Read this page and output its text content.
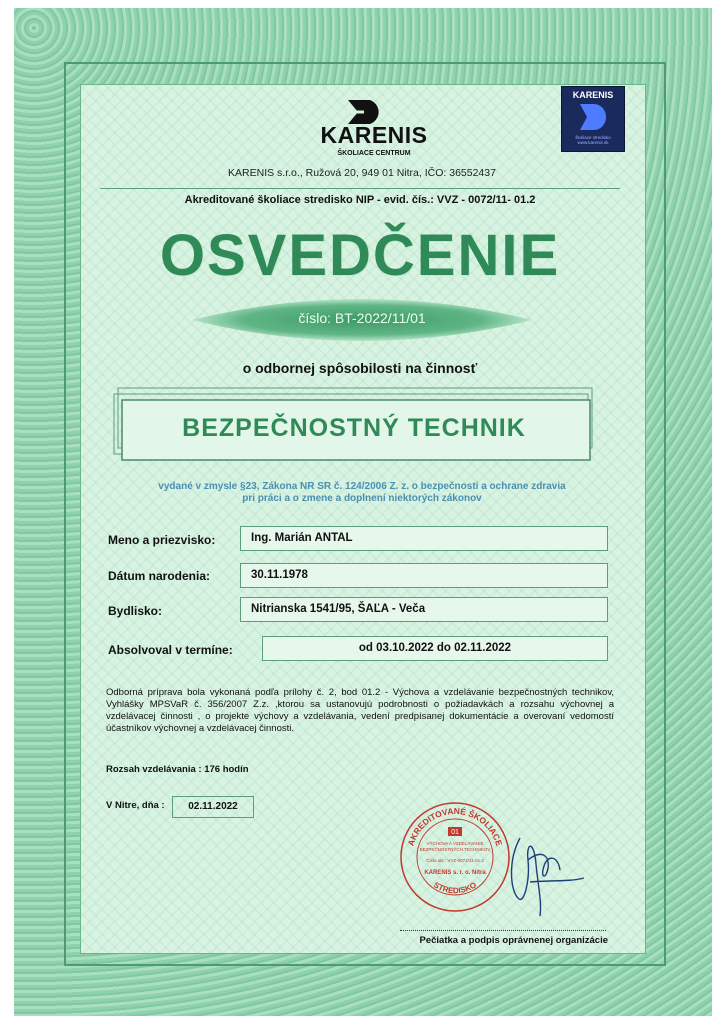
KARENIS
ŠKOLIACE CENTRUM
KARENIS
školiace stredisko www.karenis.sk
KARENIS s.r.o., Ružová 20, 949 01 Nitra, IČO: 36552437
Akreditované školiace stredisko NIP - evid. čís.: VVZ - 0072/11- 01.2
OSVEDČENIE
číslo: BT-2022/11/01
o odbornej spôsobilosti na činnosť
BEZPEČNOSTNÝ TECHNIK
vydané v zmysle §23, Zákona NR SR č. 124/2006 Z. z. o bezpečnosti a ochrane zdravia
pri práci a o zmene a doplnení niektorých zákonov
Meno a priezvisko:	Ing. Marián ANTAL
Dátum narodenia:	30.11.1978
Bydlisko:	Nitrianska 1541/95, ŠAĽA - Veča
Absolvoval v termíne:	od 03.10.2022 do 02.11.2022
Odborná príprava bola vykonaná podľa prílohy č. 2, bod 01.2 - Výchova a vzdelávanie bezpečnostných technikov, Vyhlášky MPSVaR č. 356/2007 Z.z. ,ktorou sa ustanovujú podrobnosti o požiadavkách a rozsahu výchovnej a vzdelávacej činnosti , o projekte výchovy a vzdelávania, vedení predpísanej dokumentácie a overovaní vedomostí účastníkov výchovnej a vzdelávacej činnosti.
Rozsah vzdelávania : 176 hodín
V Nitre, dňa :	02.11.2022
AKREDITOVANÉ ŠKOLIACE
STREDISKO
01
VÝCHOVA A VZDELÁVANIE
BEZPEČNOSTNÝCH TECHNIKOV
Číslo akr.: VVZ-0072/11-01.2
KARENIS s. r. o. Nitra
Pečiatka a podpis oprávnenej organizácie
